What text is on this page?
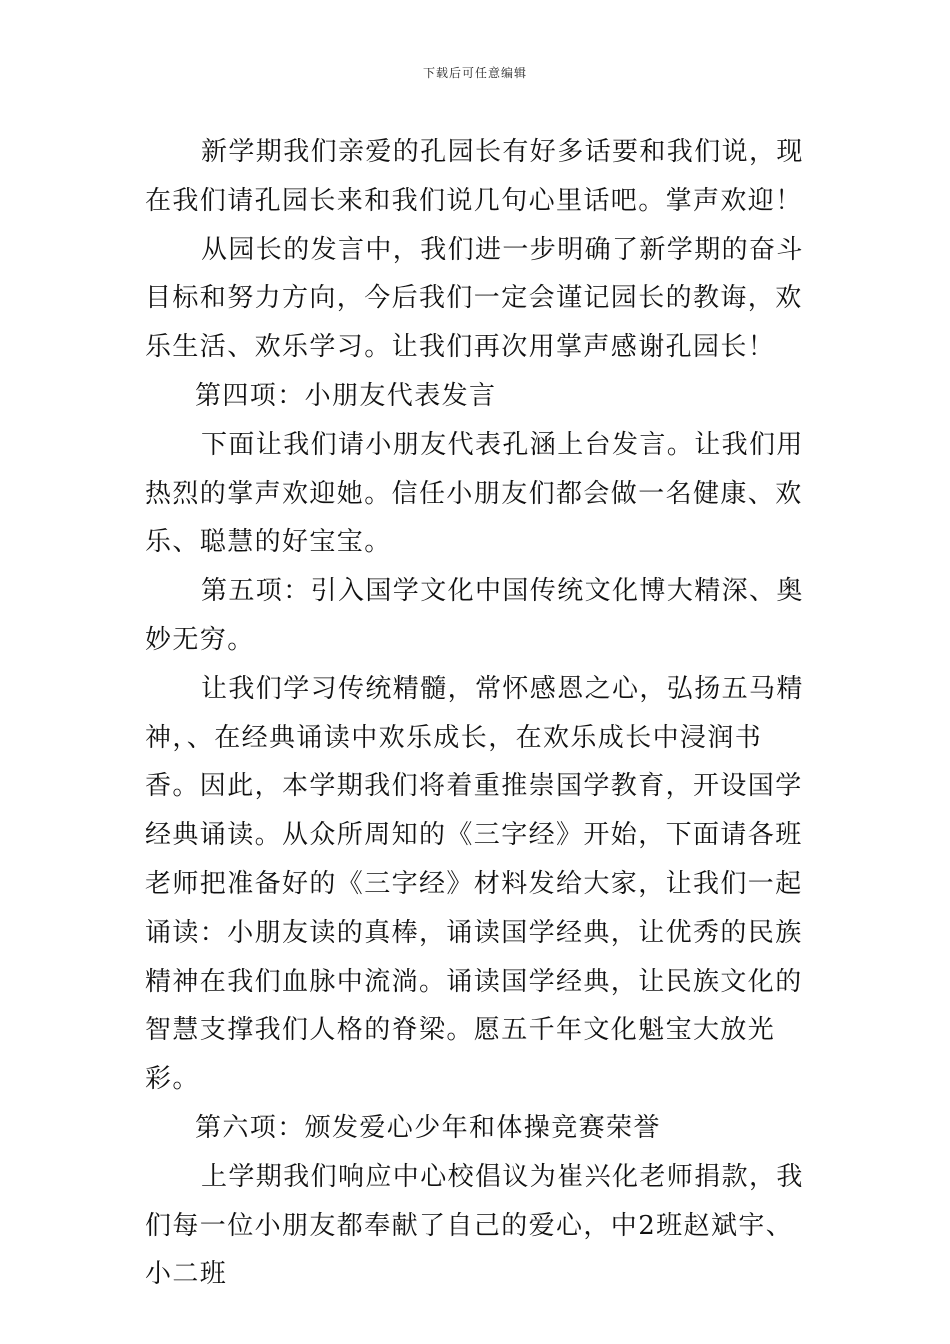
下载后可任意编辑

新学期我们亲爱的孔园长有好多话要和我们说，现在我们请孔园长来和我们说几句心里话吧。掌声欢迎！

从园长的发言中，我们进一步明确了新学期的奋斗目标和努力方向，今后我们一定会谨记园长的教诲，欢乐生活、欢乐学习。让我们再次用掌声感谢孔园长！

第四项：小朋友代表发言

下面让我们请小朋友代表孔涵上台发言。让我们用热烈的掌声欢迎她。信任小朋友们都会做一名健康、欢乐、聪慧的好宝宝。

第五项：引入国学文化中国传统文化博大精深、奥妙无穷。

让我们学习传统精髓，常怀感恩之心，弘扬五马精神，、在经典诵读中欢乐成长，在欢乐成长中浸润书香。因此，本学期我们将着重推崇国学教育，开设国学经典诵读。从众所周知的《三字经》开始，下面请各班老师把准备好的《三字经》材料发给大家，让我们一起诵读：小朋友读的真棒，诵读国学经典，让优秀的民族精神在我们血脉中流淌。诵读国学经典，让民族文化的智慧支撑我们人格的脊梁。愿五千年文化魁宝大放光彩。

第六项：颁发爱心少年和体操竞赛荣誉

上学期我们响应中心校倡议为崔兴化老师捐款，我们每一位小朋友都奉献了自己的爱心，中2班赵斌宇、小二班
